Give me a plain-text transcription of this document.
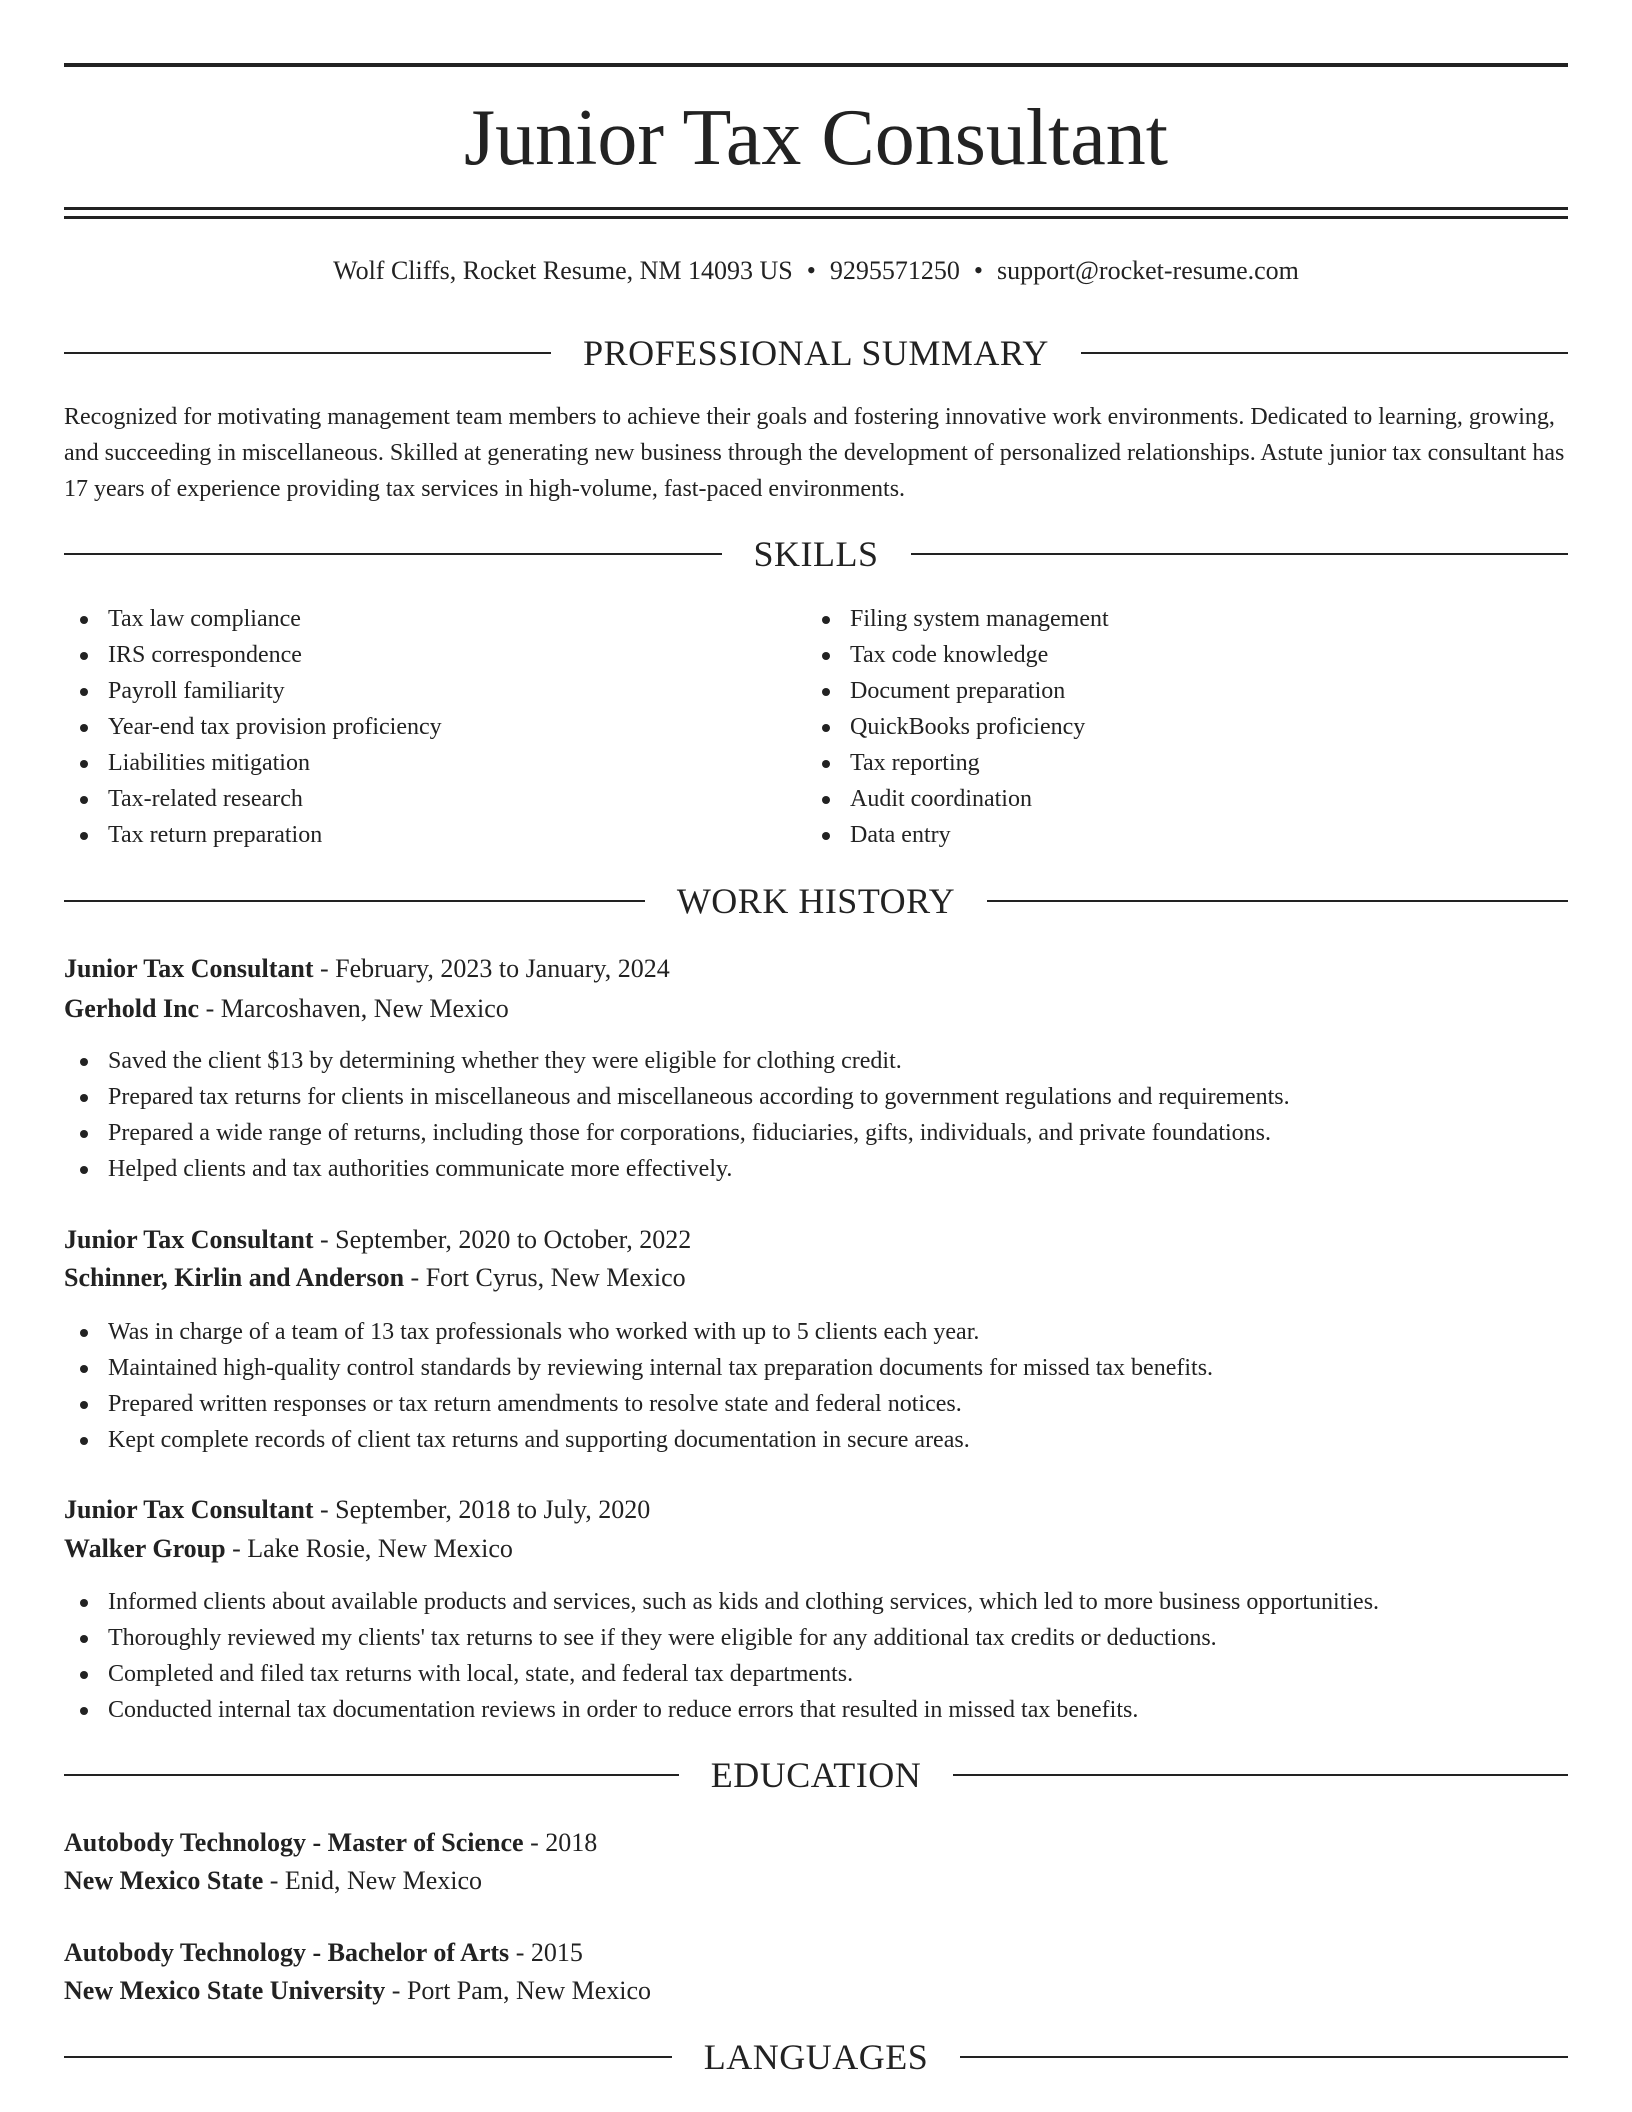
Junior Tax Consultant
Wolf Cliffs, Rocket Resume, NM 14093 US • 9295571250 • support@rocket-resume.com
PROFESSIONAL SUMMARY

Recognized for motivating management team members to achieve their goals and fostering innovative work environments. Dedicated to learning, growing, and succeeding in miscellaneous. Skilled at generating new business through the development of personalized relationships. Astute junior tax consultant has 17 years of experience providing tax services in high-volume, fast-paced environments.

SKILLS
Tax law compliance
IRS correspondence
Payroll familiarity
Year-end tax provision proficiency
Liabilities mitigation
Tax-related research
Tax return preparation
Filing system management
Tax code knowledge
Document preparation
QuickBooks proficiency
Tax reporting
Audit coordination
Data entry
WORK HISTORY
Junior Tax Consultant - February, 2023 to January, 2024
Gerhold Inc - Marcoshaven, New Mexico
Saved the client $13 by determining whether they were eligible for clothing credit.
Prepared tax returns for clients in miscellaneous and miscellaneous according to government regulations and requirements.
Prepared a wide range of returns, including those for corporations, fiduciaries, gifts, individuals, and private foundations.
Helped clients and tax authorities communicate more effectively.
Junior Tax Consultant - September, 2020 to October, 2022
Schinner, Kirlin and Anderson - Fort Cyrus, New Mexico
Was in charge of a team of 13 tax professionals who worked with up to 5 clients each year.
Maintained high-quality control standards by reviewing internal tax preparation documents for missed tax benefits.
Prepared written responses or tax return amendments to resolve state and federal notices.
Kept complete records of client tax returns and supporting documentation in secure areas.
Junior Tax Consultant - September, 2018 to July, 2020
Walker Group - Lake Rosie, New Mexico
Informed clients about available products and services, such as kids and clothing services, which led to more business opportunities.
Thoroughly reviewed my clients' tax returns to see if they were eligible for any additional tax credits or deductions.
Completed and filed tax returns with local, state, and federal tax departments.
Conducted internal tax documentation reviews in order to reduce errors that resulted in missed tax benefits.
EDUCATION
Autobody Technology - Master of Science - 2018
New Mexico State - Enid, New Mexico
Autobody Technology - Bachelor of Arts - 2015
New Mexico State University - Port Pam, New Mexico
LANGUAGES
